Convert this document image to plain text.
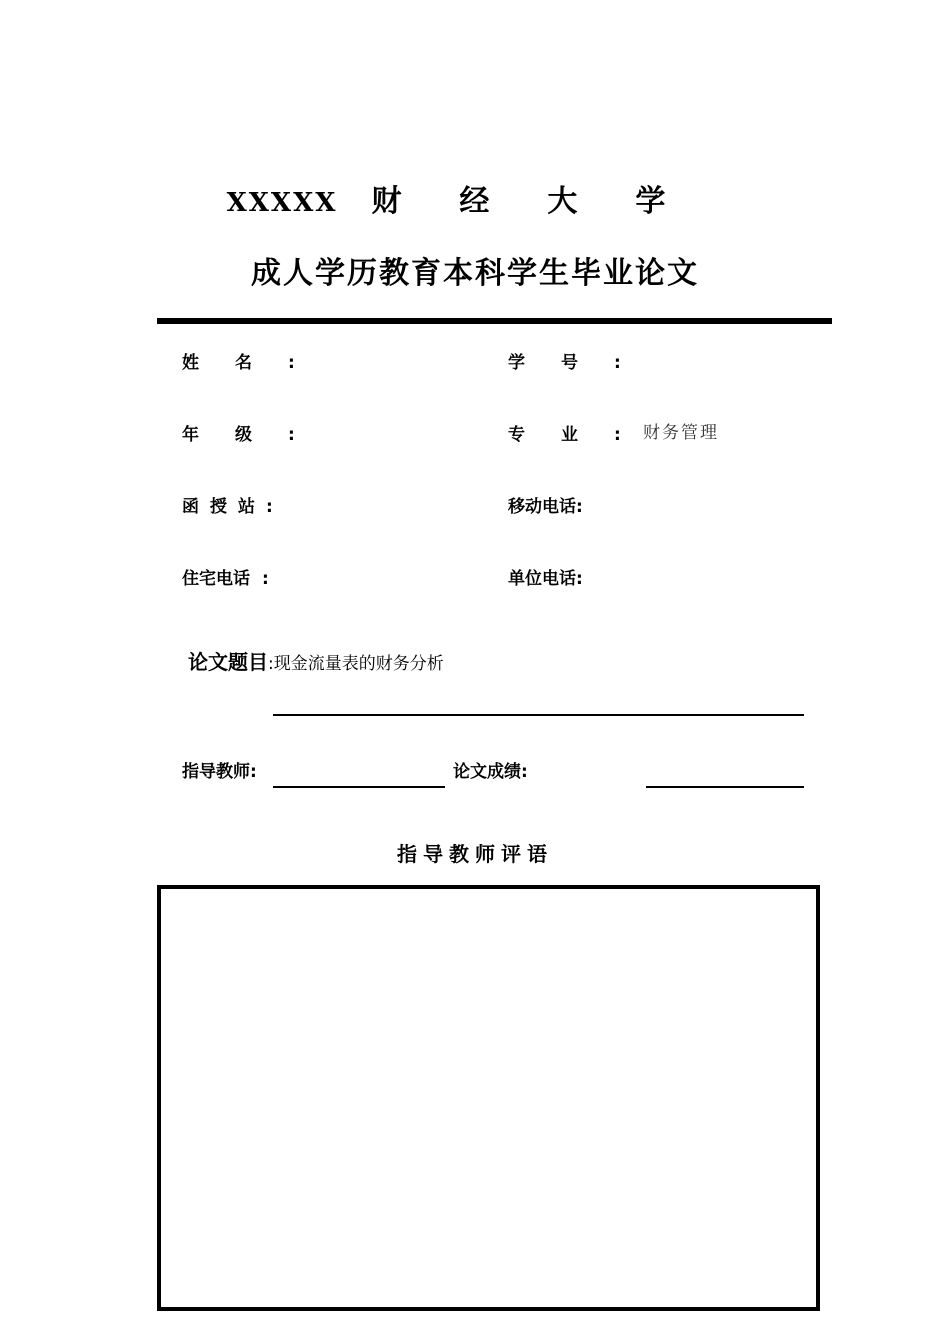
XXXXX 财经大学
成人学历教育本科学生毕业论文
姓名:	学号:
年级:	专业: 财务管理
函授站:	移动电话:
住宅电话 :	单位电话:
论文题目:现金流量表的财务分析
指导教师:	论文成绩:
指导教师评语
